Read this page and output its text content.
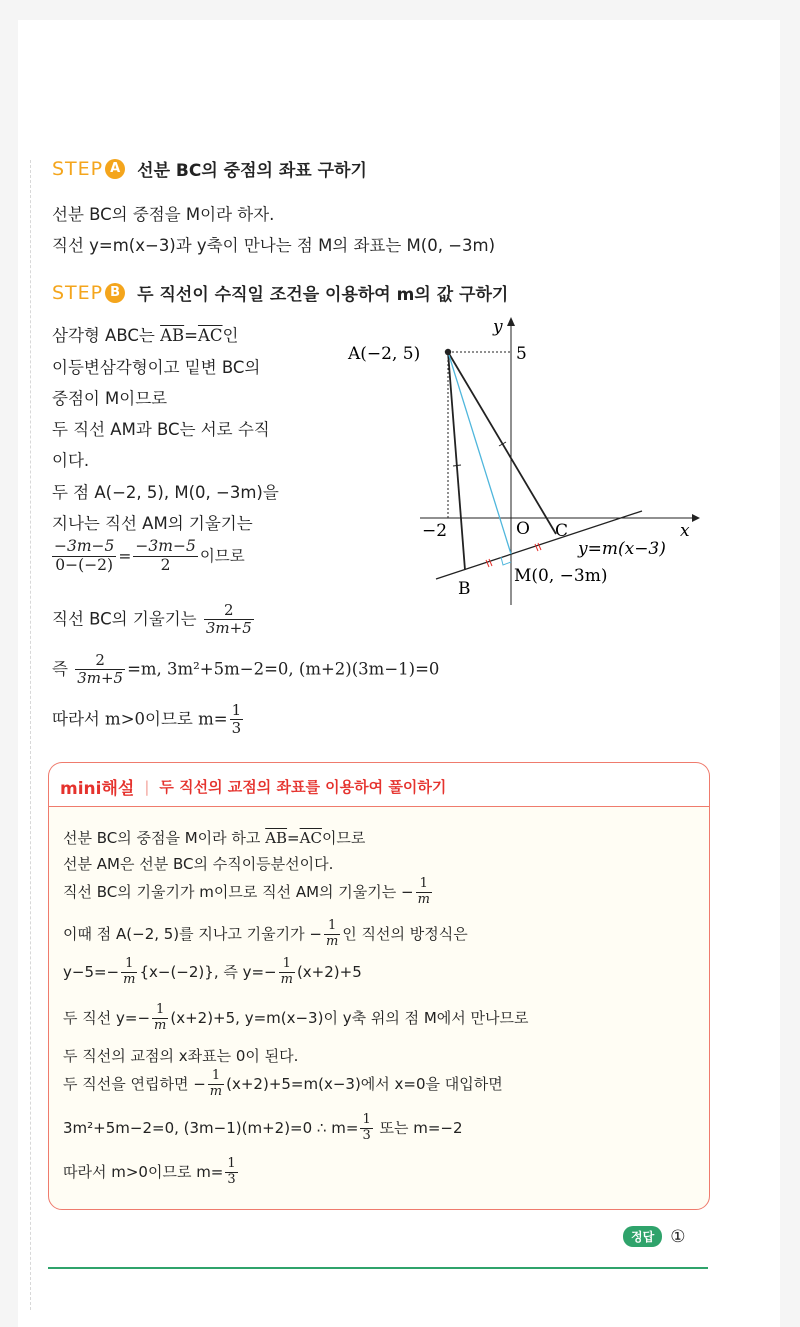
STEP A 선분 BC의 중점의 좌표 구하기
선분 BC의 중점을 M이라 하자.
직선 y=m(x−3)과 y축이 만나는 점 M의 좌표는 M(0, −3m)
STEP B 두 직선이 수직일 조건을 이용하여 m의 값 구하기
삼각형 ABC는 $\overline{AB}=\overline{AC}$인
이등변삼각형이고 밑변 BC의
중점이 M이므로
두 직선 AM과 BC는 서로 수직
이다.
두 점 A(−2, 5), M(0, −3m)을
지나는 직선 AM의 기울기는
$\frac{-3m-5}{0-(-2)} = \frac{-3m-5}{2}$ 이므로
직선 BC의 기울기는 $\frac{2}{3m+5}$
즉 $\frac{2}{3m+5} =m$, 3m²+5m−2=0, (m+2)(3m−1)=0
따라서 m>0이므로 $m= \frac{1}{3}$
A(−2, 5)	5
y
x
−2	O C
B
y=m(x−3)
M(0, −3m)
mini해설 | 두 직선의 교점의 좌표를 이용하여 풀이하기
선분 BC의 중점을 M이라 하고 $\overline{AB}=\overline{AC}$이므로
선분 AM은 선분 BC의 수직이등분선이다.
직선 BC의 기울기가 m이므로 직선 AM의 기울기는 − $\frac{1}{m}$
이때 점 A(−2, 5)를 지나고 기울기가 − $\frac{1}{m}$ 인 직선의 방정식은
$y-5=- \frac{1}{m} \{x-(-2)\}$, 즉 $y=- \frac{1}{m} (x+2)+5$
두 직선 $y=- \frac{1}{m} (x+2)+5$, y=m(x−3)이 y축 위의 점 M에서 만나므로
두 직선의 교점의 x좌표는 0이 된다.
두 직선을 연립하면 − $\frac{1}{m} (x+2)+5=m(x-3)$에서 x=0을 대입하면
3m²+5m−2=0, (3m−1)(m+2)=0 ∴ $m= \frac{1}{3}$ 또는 m=−2
따라서 m>0이므로 $m= \frac{1}{3}$
정답 ①
